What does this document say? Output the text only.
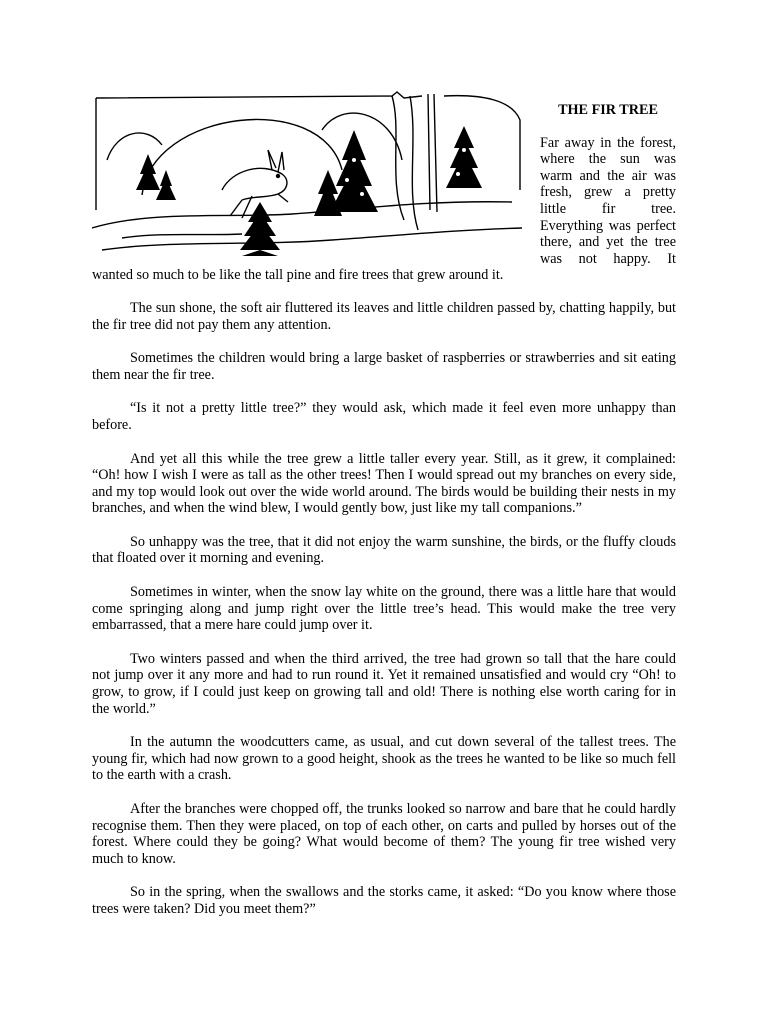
THE FIR TREE

Far away in the forest, where the sun was warm and the air was fresh, grew a pretty little fir tree. Everything was perfect there, and yet the tree was not happy. It wanted so much to be like the tall pine and fire trees that grew around it.

The sun shone, the soft air fluttered its leaves and little children passed by, chatting happily, but the fir tree did not pay them any attention.

Sometimes the children would bring a large basket of raspberries or strawberries and sit eating them near the fir tree.

“Is it not a pretty little tree?” they would ask, which made it feel even more unhappy than before.

And yet all this while the tree grew a little taller every year. Still, as it grew, it complained: “Oh! how I wish I were as tall as the other trees! Then I would spread out my branches on every side, and my top would look out over the wide world around. The birds would be building their nests in my branches, and when the wind blew, I would gently bow, just like my tall companions.”

So unhappy was the tree, that it did not enjoy the warm sunshine, the birds, or the fluffy clouds that floated over it morning and evening.

Sometimes in winter, when the snow lay white on the ground, there was a little hare that would come springing along and jump right over the little tree’s head. This would make the tree very embarrassed, that a mere hare could jump over it.

Two winters passed and when the third arrived, the tree had grown so tall that the hare could not jump over it any more and had to run round it. Yet it remained unsatisfied and would cry “Oh! to grow, to grow, if I could just keep on growing tall and old! There is nothing else worth caring for in the world.”

In the autumn the woodcutters came, as usual, and cut down several of the tallest trees. The young fir, which had now grown to a good height, shook as the trees he wanted to be like so much fell to the earth with a crash.

After the branches were chopped off, the trunks looked so narrow and bare that he could hardly recognise them. Then they were placed, on top of each other, on carts and pulled by horses out of the forest. Where could they be going? What would become of them? The young fir tree wished very much to know.

So in the spring, when the swallows and the storks came, it asked: “Do you know where those trees were taken? Did you meet them?”
